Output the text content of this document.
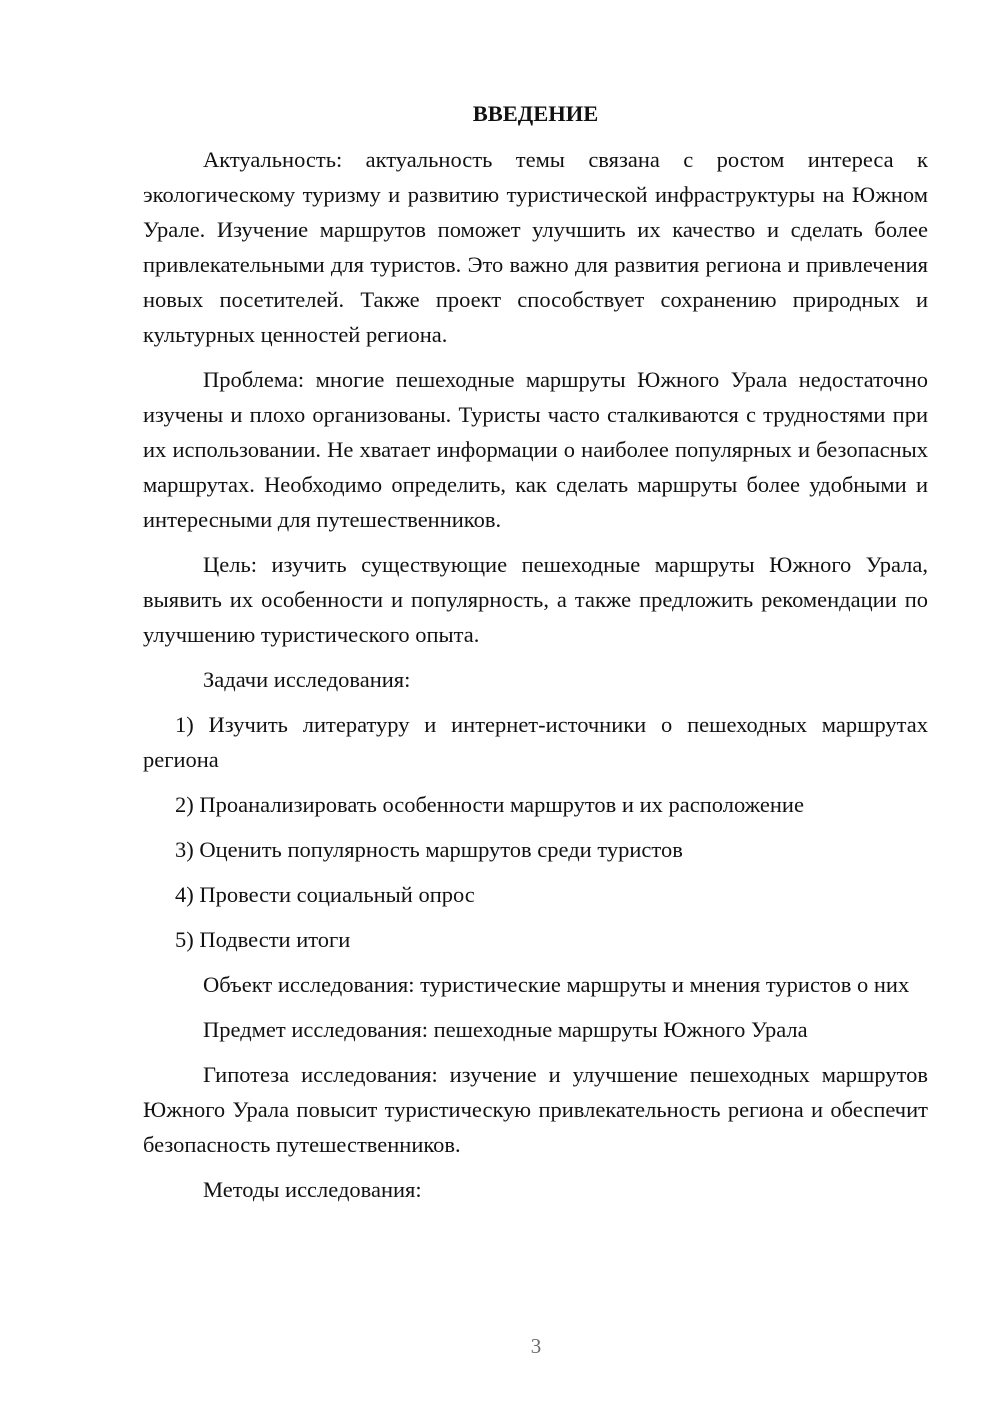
ВВЕДЕНИЕ

Актуальность: актуальность темы связана с ростом интереса к экологическому туризму и развитию туристической инфраструктуры на Южном Урале. Изучение маршрутов поможет улучшить их качество и сделать более привлекательными для туристов. Это важно для развития региона и привлечения новых посетителей. Также проект способствует сохранению природных и культурных ценностей региона.

Проблема: многие пешеходные маршруты Южного Урала недостаточно изучены и плохо организованы. Туристы часто сталкиваются с трудностями при их использовании. Не хватает информации о наиболее популярных и безопасных маршрутах. Необходимо определить, как сделать маршруты более удобными и интересными для путешественников.

Цель: изучить существующие пешеходные маршруты Южного Урала, выявить их особенности и популярность, а также предложить рекомендации по улучшению туристического опыта.

Задачи исследования:

1) Изучить литературу и интернет-источники о пешеходных маршрутах региона

2) Проанализировать особенности маршрутов и их расположение

3) Оценить популярность маршрутов среди туристов

4) Провести социальный опрос

5) Подвести итоги

Объект исследования: туристические маршруты и мнения туристов о них

Предмет исследования: пешеходные маршруты Южного Урала

Гипотеза исследования: изучение и улучшение пешеходных маршрутов Южного Урала повысит туристическую привлекательность региона и обеспечит безопасность путешественников.

Методы исследования:

3
